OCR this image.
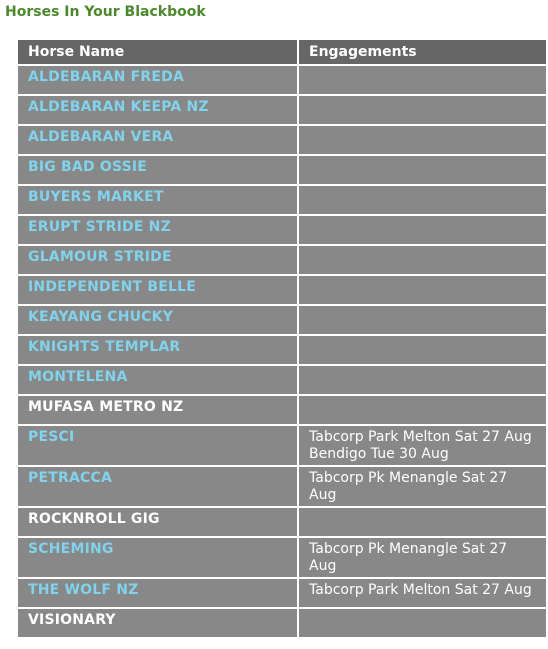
Horses In Your Blackbook
Horse Name	Engagements
ALDEBARAN FREDA	
ALDEBARAN KEEPA NZ	
ALDEBARAN VERA	
BIG BAD OSSIE	
BUYERS MARKET	
ERUPT STRIDE NZ	
GLAMOUR STRIDE	
INDEPENDENT BELLE	
KEAYANG CHUCKY	
KNIGHTS TEMPLAR	
MONTELENA	
MUFASA METRO NZ	
PESCI	Tabcorp Park Melton Sat 27 Aug
Bendigo Tue 30 Aug

PETRACCA	Tabcorp Pk Menangle Sat 27 Aug

ROCKNROLL GIG	
SCHEMING	Tabcorp Pk Menangle Sat 27 Aug

THE WOLF NZ	Tabcorp Park Melton Sat 27 Aug

VISIONARY	
